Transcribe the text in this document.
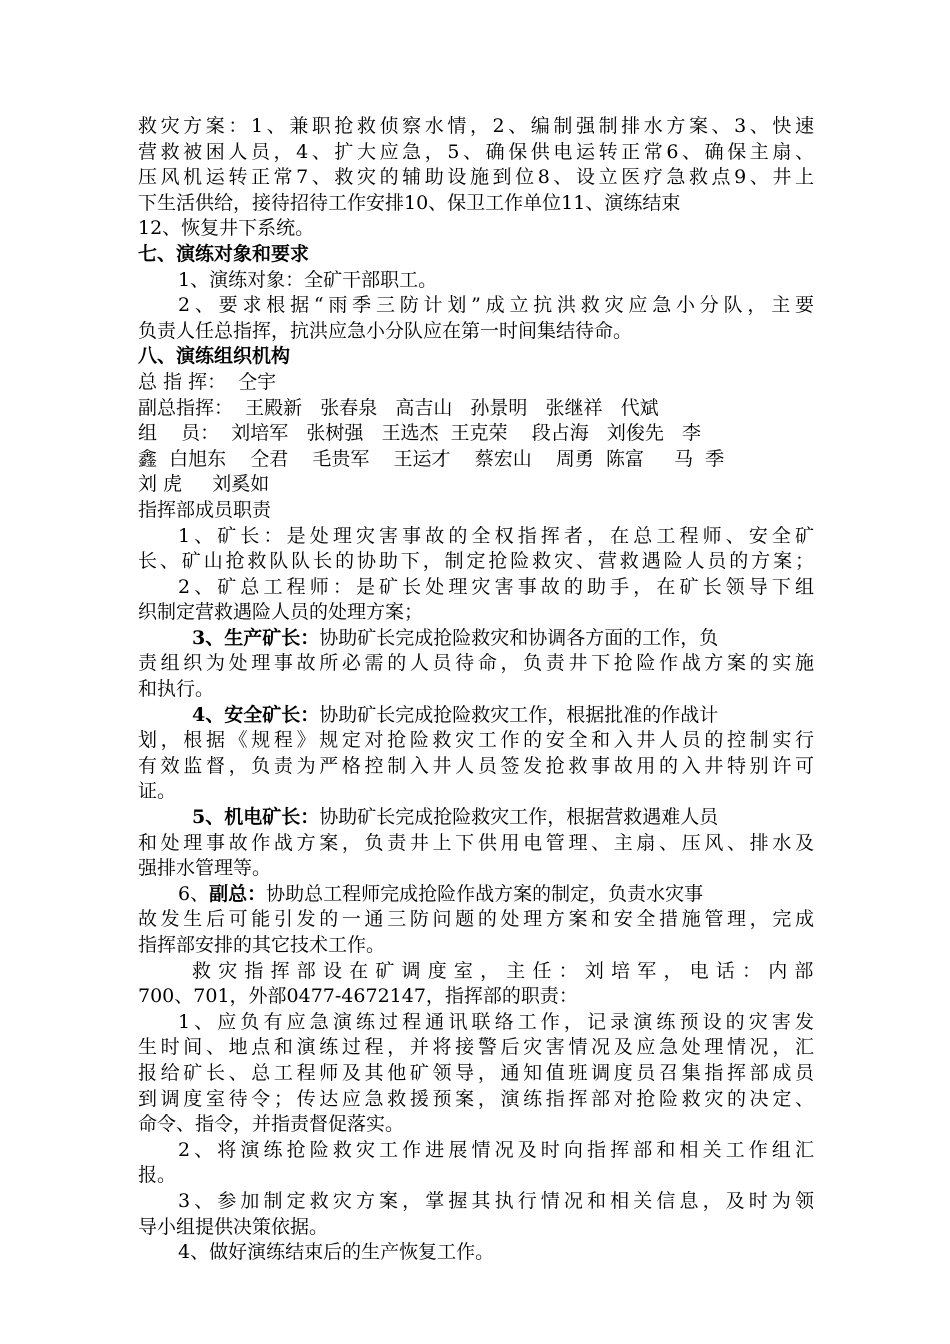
救灾方案：1、兼职抢救侦察水情，2、编制强制排水方案、3、快速
营救被困人员，4、扩大应急，5、确保供电运转正常6、确保主扇、
压风机运转正常7、救灾的辅助设施到位8、设立医疗急救点9、井上
下生活供给，接待招待工作安排10、保卫工作单位11、演练结束
12、恢复井下系统。
七、演练对象和要求
1、演练对象：全矿干部职工。
2、要求根据“雨季三防计划”成立抗洪救灾应急小分队，主要
负责人任总指挥，抗洪应急小分队应在第一时间集结待命。
八、演练组织机构
总 指 挥：  仝宇
副总指挥：  王殿新   张春泉   高吉山   孙景明   张继祥   代斌
组    员：  刘培军   张树强   王选杰  王克荣    段占海   刘俊先   李
鑫  白旭东    仝君    毛贵军    王运才    蔡宏山    周勇  陈富     马  季
刘 虎     刘奚如
指挥部成员职责
1、矿长：是处理灾害事故的全权指挥者，在总工程师、安全矿
长、矿山抢救队队长的协助下，制定抢险救灾、营救遇险人员的方案；
2、矿总工程师：是矿长处理灾害事故的助手，在矿长领导下组
织制定营救遇险人员的处理方案；
3、生产矿长：协助矿长完成抢险救灾和协调各方面的工作，负
责组织为处理事故所必需的人员待命，负责井下抢险作战方案的实施
和执行。
4、安全矿长：协助矿长完成抢险救灾工作，根据批准的作战计
划，根据《规程》规定对抢险救灾工作的安全和入井人员的控制实行
有效监督，负责为严格控制入井人员签发抢救事故用的入井特别许可
证。
5、机电矿长：协助矿长完成抢险救灾工作，根据营救遇难人员
和处理事故作战方案，负责井上下供用电管理、主扇、压风、排水及
强排水管理等。
6、副总：协助总工程师完成抢险作战方案的制定，负责水灾事
故发生后可能引发的一通三防问题的处理方案和安全措施管理，完成
指挥部安排的其它技术工作。
救灾指挥部设在矿调度室，主任：刘培军，电话：内部
700、701，外部0477-4672147，指挥部的职责：
1、应负有应急演练过程通讯联络工作，记录演练预设的灾害发
生时间、地点和演练过程，并将接警后灾害情况及应急处理情况，汇
报给矿长、总工程师及其他矿领导，通知值班调度员召集指挥部成员
到调度室待令；传达应急救援预案，演练指挥部对抢险救灾的决定、
命令、指令，并指责督促落实。
2、将演练抢险救灾工作进展情况及时向指挥部和相关工作组汇
报。
3、参加制定救灾方案，掌握其执行情况和相关信息，及时为领
导小组提供决策依据。
4、做好演练结束后的生产恢复工作。
